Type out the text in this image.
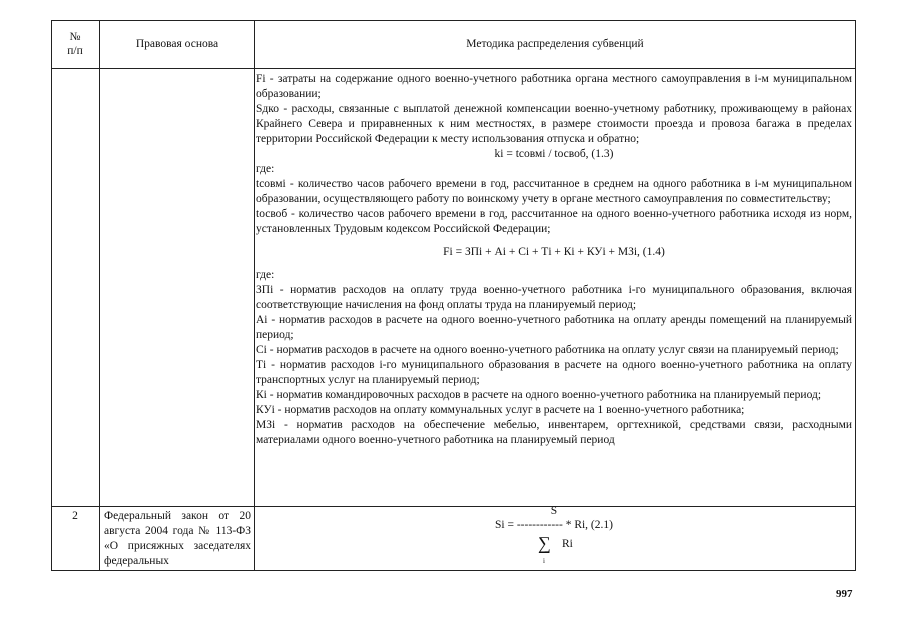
№
п/п
Правовая основа	Методика распределения субвенций

Fi - затраты на содержание одного военно-учетного работника органа местного самоуправления в i-м муниципальном образовании;

Sдко - расходы, связанные с выплатой денежной компенсации военно-учетному работнику, проживающему в районах Крайнего Севера и приравненных к ним местностях, в размере стоимости проезда и провоза багажа в пределах территории Российской Федерации к месту использования отпуска и обратно;

ki = tсовмi / tосвоб, (1.3)

где:

tсовмi - количество часов рабочего времени в год, рассчитанное в среднем на одного работника в i-м муниципальном образовании, осуществляющего работу по воинскому учету в органе местного самоуправления по совместительству;

tосвоб - количество часов рабочего времени в год, рассчитанное на одного военно-учетного работника исходя из норм, установленных Трудовым кодексом Российской Федерации;

Fi = ЗПi + Аi + Сi + Тi + Кi + КУi + МЗi, (1.4)

где:

ЗПi - норматив расходов на оплату труда военно-учетного работника i-го муниципального образования, включая соответствующие начисления на фонд оплаты труда на планируемый период;

Аi - норматив расходов в расчете на одного военно-учетного работника на оплату аренды помещений на планируемый период;

Сi - норматив расходов в расчете на одного военно-учетного работника на оплату услуг связи на планируемый период;

Тi - норматив расходов i-го муниципального образования в расчете на одного военно-учетного работника на оплату транспортных услуг на планируемый период;

Кi - норматив командировочных расходов в расчете на одного военно-учетного работника на планируемый период;

КУi - норматив расходов на оплату коммунальных услуг в расчете на 1 военно-учетного работника;

МЗi - норматив расходов на обеспечение мебелью, инвентарем, оргтехникой, средствами связи, расходными материалами одного военно-учетного работника на планируемый период

2	Федеральный закон от 20 августа 2004 года № 113-ФЗ «О присяжных заседателях федеральных
S
Si = ------------ * Ri, (2.1)
∑ Ri
i
997
